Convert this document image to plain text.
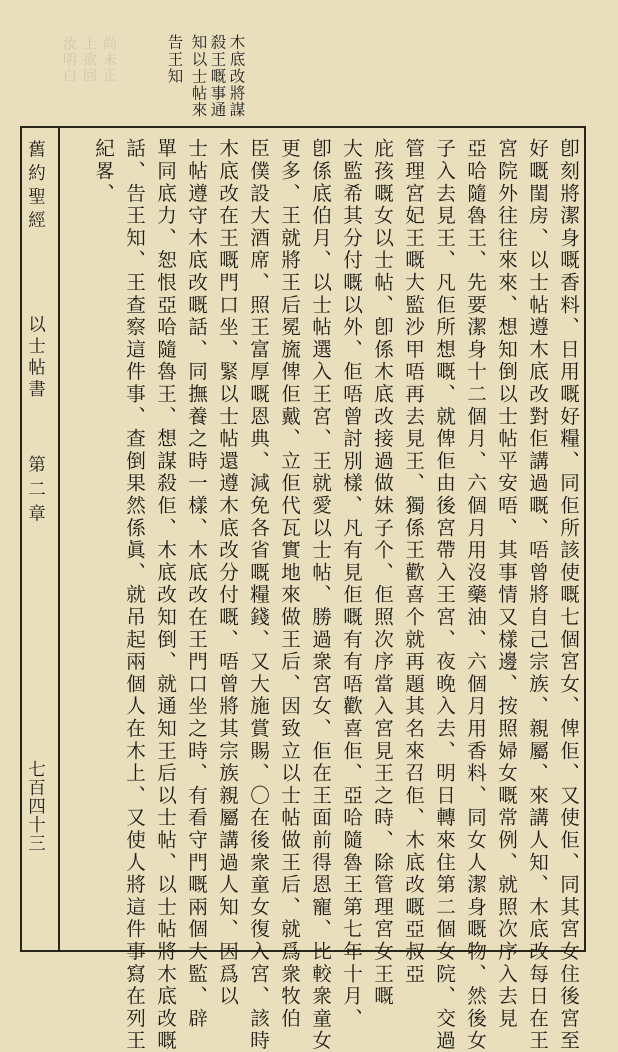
尚未正
上欲回
汝明白	木底改將謀
殺王嘅事通
知以士帖來
告王知
舊約聖經
以士帖書
第二章
七百四十三	卽刻將潔身嘅香料、日用嘅好糧、同佢所該使嘅七個宮女、俾佢、又使佢、同其宮女住後宮至
好嘅閨房、以士帖遵木底改對佢講過嘅、唔曾將自己宗族、親屬、來講人知、木底改每日在王
宮院外往往來來、想知倒以士帖平安唔、其事情又樣邊、按照婦女嘅常例、就照次序入去見
亞哈隨魯王、先要潔身十二個月、六個月用沒藥油、六個月用香料、同女人潔身嘅物、然後女
子入去見王、凡佢所想嘅、就俾佢由後宮帶入王宮、夜晚入去、明日轉來住第二個女院、交過
管理宮妃王嘅大監沙甲唔再去見王、獨係王歡喜个就再題其名來召佢、木底改嘅亞叔亞
庇孩嘅女以士帖、卽係木底改接過做妹子个、佢照次序當入宮見王之時、除管理宮女王嘅
大監希其分付嘅以外、佢唔曾討別樣、凡有見佢嘅有有唔歡喜佢、亞哈隨魯王第七年十月、
卽係底伯月、以士帖選入王宮、王就愛以士帖、勝過衆宮女、佢在王面前得恩寵、比較衆童女
更多、王就將王后冕旒俾佢戴、立佢代瓦實地來做王后、因致立以士帖做王后、就爲衆牧伯
臣僕設大酒席、照王富厚嘅恩典、減免各省嘅糧錢、又大施賞賜、〇在後衆童女復入宮、該時
木底改在王嘅門口坐、緊以士帖還遵木底改分付嘅、唔曾將其宗族親屬講過人知、因爲以
士帖遵守木底改嘅話、同撫養之時一樣、木底改在王門口坐之時、有看守門嘅兩個大監、辟
單同底力、恕恨亞哈隨魯王、想謀殺佢、木底改知倒、就通知王后以士帖、以士帖將木底改嘅
話、告王知、王查察這件事、查倒果然係眞、就吊起兩個人在木上、又使人將這件事寫在列王
紀畧、
